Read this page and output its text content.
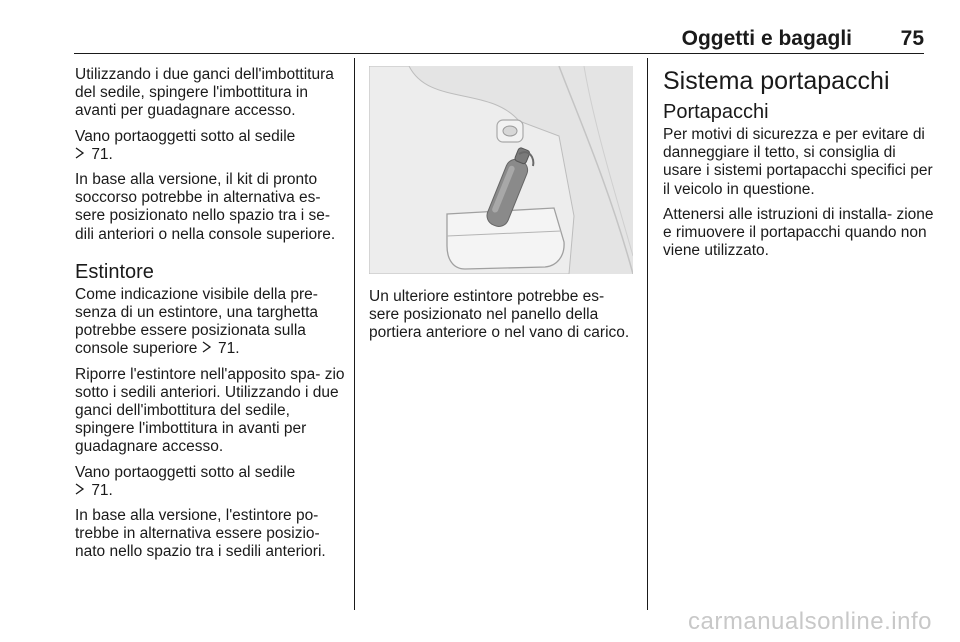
Oggetti e bagagli 75

Utilizzando i due ganci dell'imbottitura del sedile, spingere l'imbottitura in avanti per guadagnare accesso.

Vano portaoggetti sotto al sedile
71.

In base alla versione, il kit di pronto soccorso potrebbe in alternativa es- sere posizionato nello spazio tra i se- dili anteriori o nella console superiore.

Estintore

Come indicazione visibile della pre- senza di un estintore, una targhetta potrebbe essere posizionata sulla console superiore 71.

Riporre l'estintore nell'apposito spa- zio sotto i sedili anteriori. Utilizzando i due ganci dell'imbottitura del sedile, spingere l'imbottitura in avanti per guadagnare accesso.

Vano portaoggetti sotto al sedile
71.

In base alla versione, l'estintore po- trebbe in alternativa essere posizio- nato nello spazio tra i sedili anteriori.

Un ulteriore estintore potrebbe es- sere posizionato nel panello della portiera anteriore o nel vano di carico.

Sistema portapacchi
Portapacchi

Per motivi di sicurezza e per evitare di danneggiare il tetto, si consiglia di usare i sistemi portapacchi specifici per il veicolo in questione.

Attenersi alle istruzioni di installa- zione e rimuovere il portapacchi quando non viene utilizzato.

carmanualsonline.info
